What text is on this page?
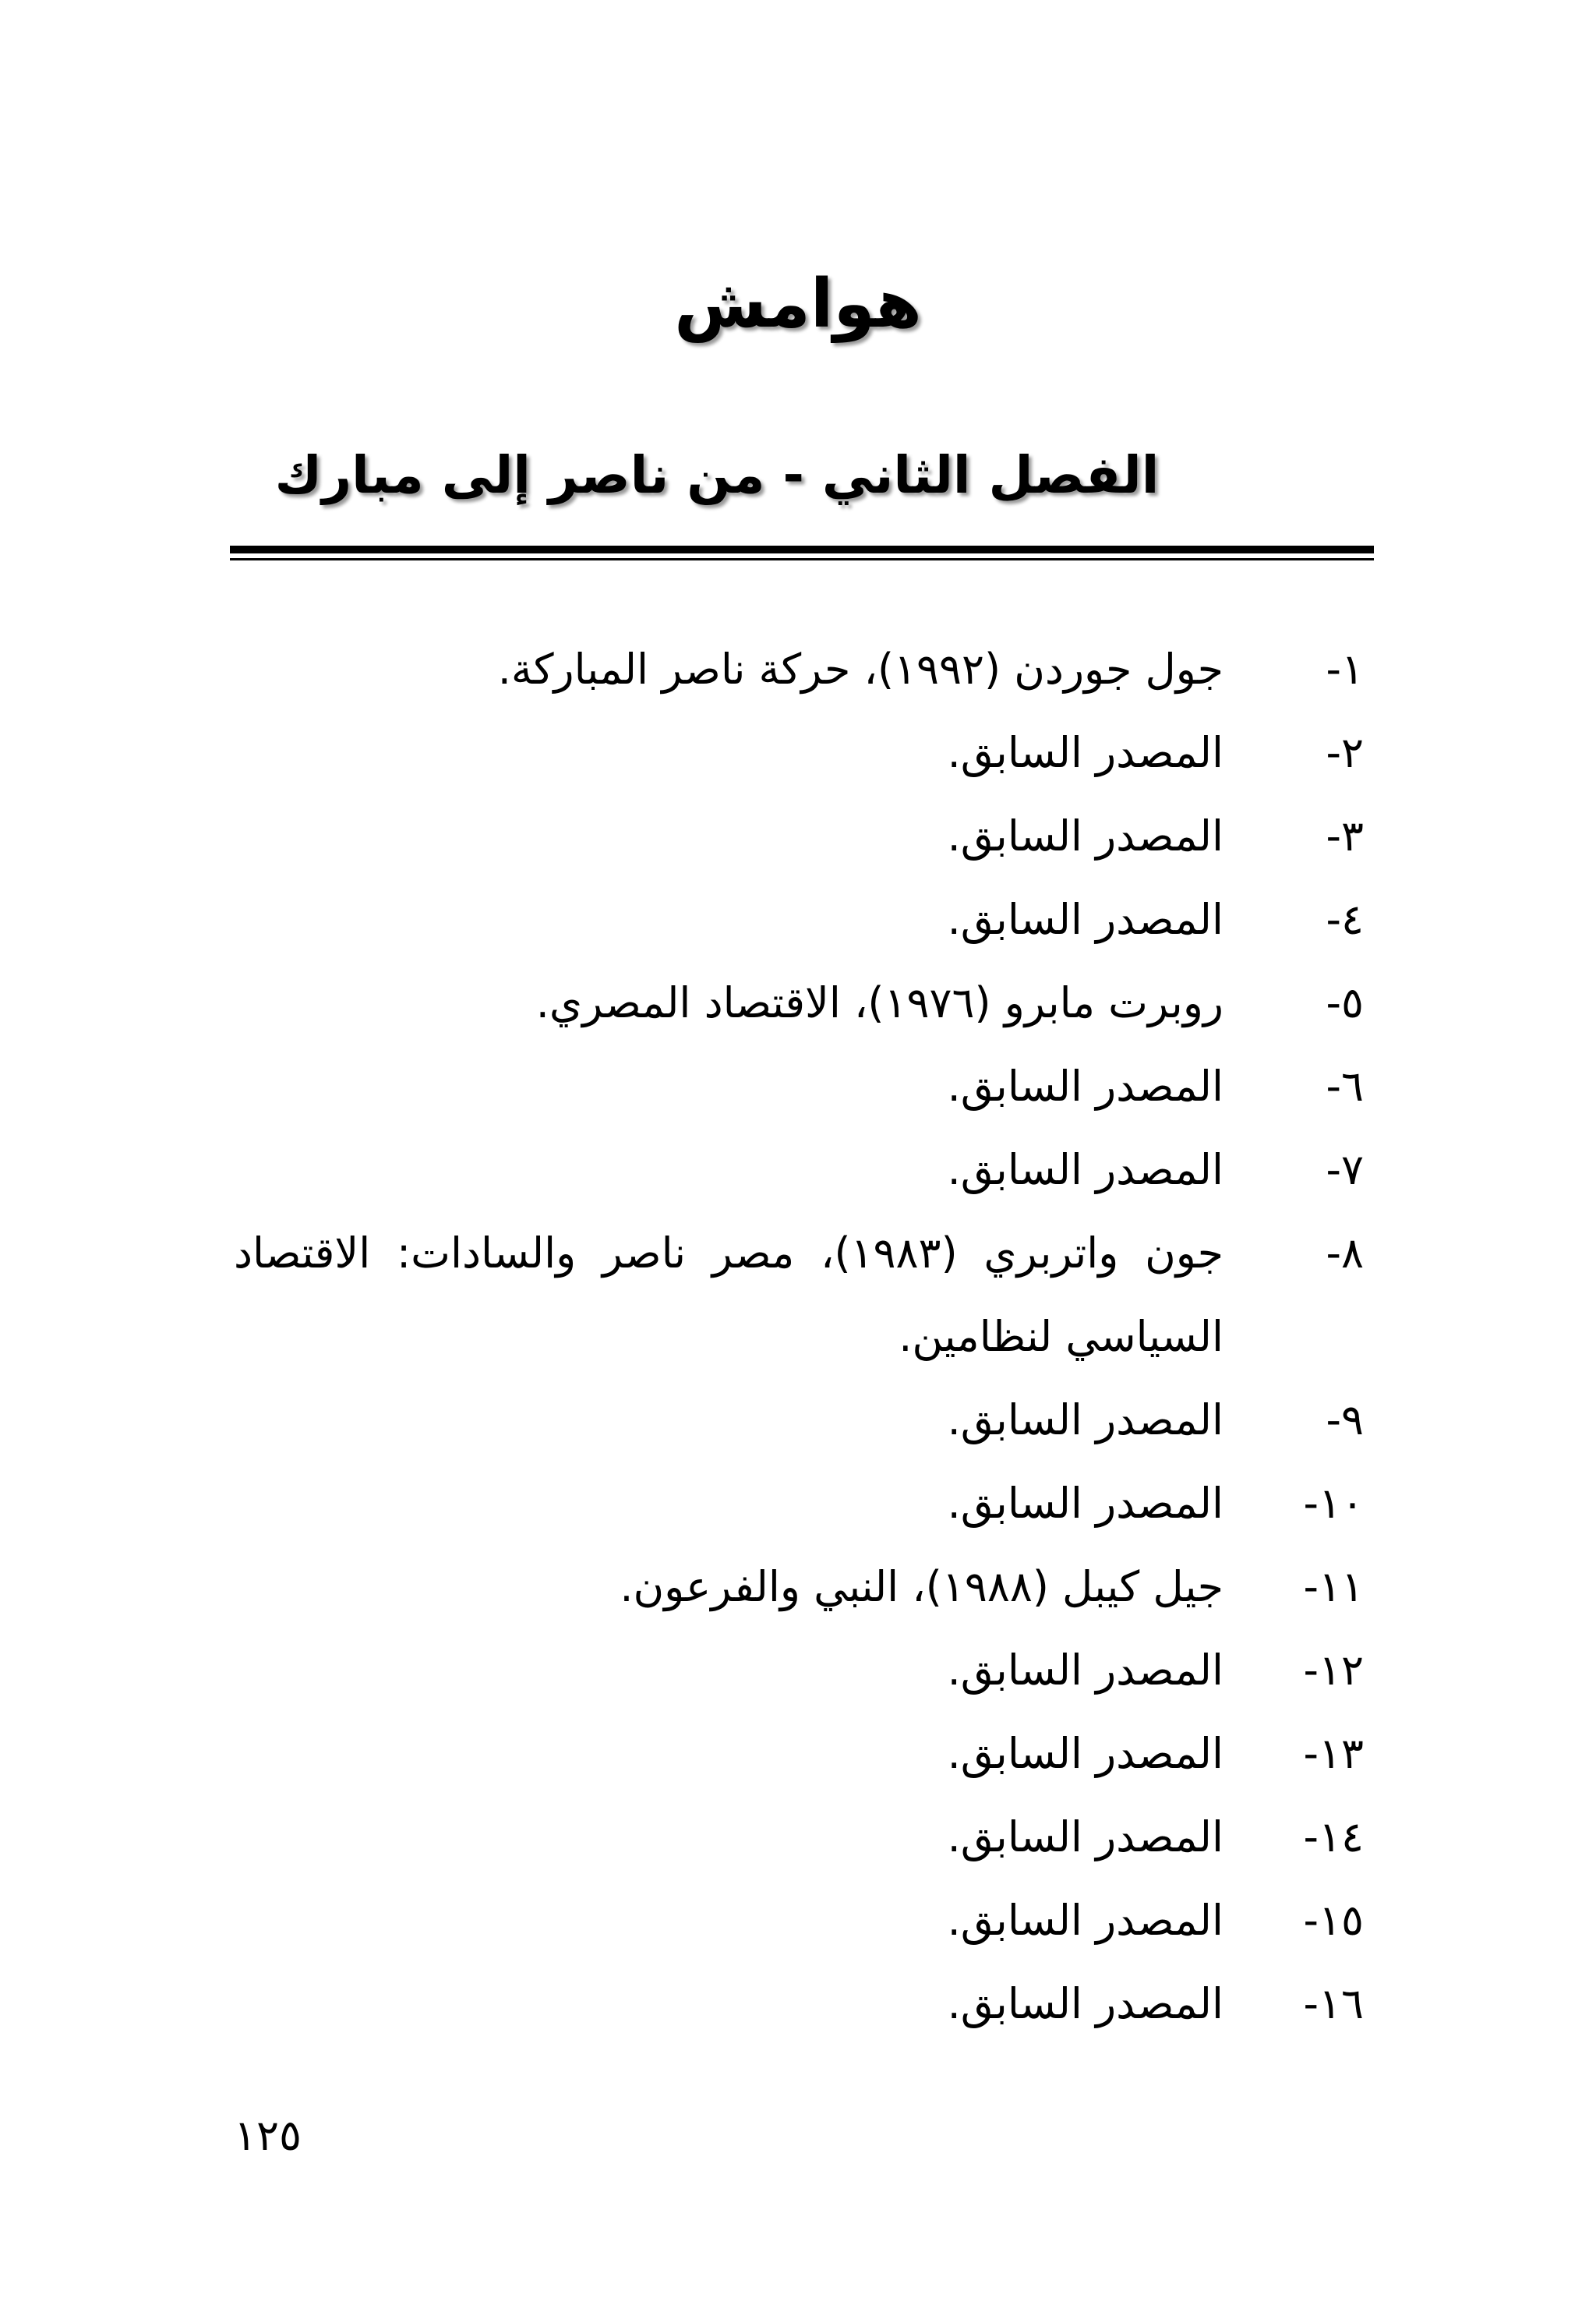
هوامش
الفصل الثاني - من ناصر إلى مبارك
١-
جول جوردن (١٩٩٢)، حركة ناصر المباركة.
٢-
المصدر السابق.
٣-
المصدر السابق.
٤-
المصدر السابق.
٥-
روبرت مابرو (١٩٧٦)، الاقتصاد المصري.
٦-
المصدر السابق.
٧-
المصدر السابق.
٨-
جون واتربري (١٩٨٣)، مصر ناصر والسادات: الاقتصاد السياسي لنظامين.
٩-
المصدر السابق.
١٠-
المصدر السابق.
١١-
جيل كيبل (١٩٨٨)، النبي والفرعون.
١٢-
المصدر السابق.
١٣-
المصدر السابق.
١٤-
المصدر السابق.
١٥-
المصدر السابق.
١٦-
المصدر السابق.
١٢٥
